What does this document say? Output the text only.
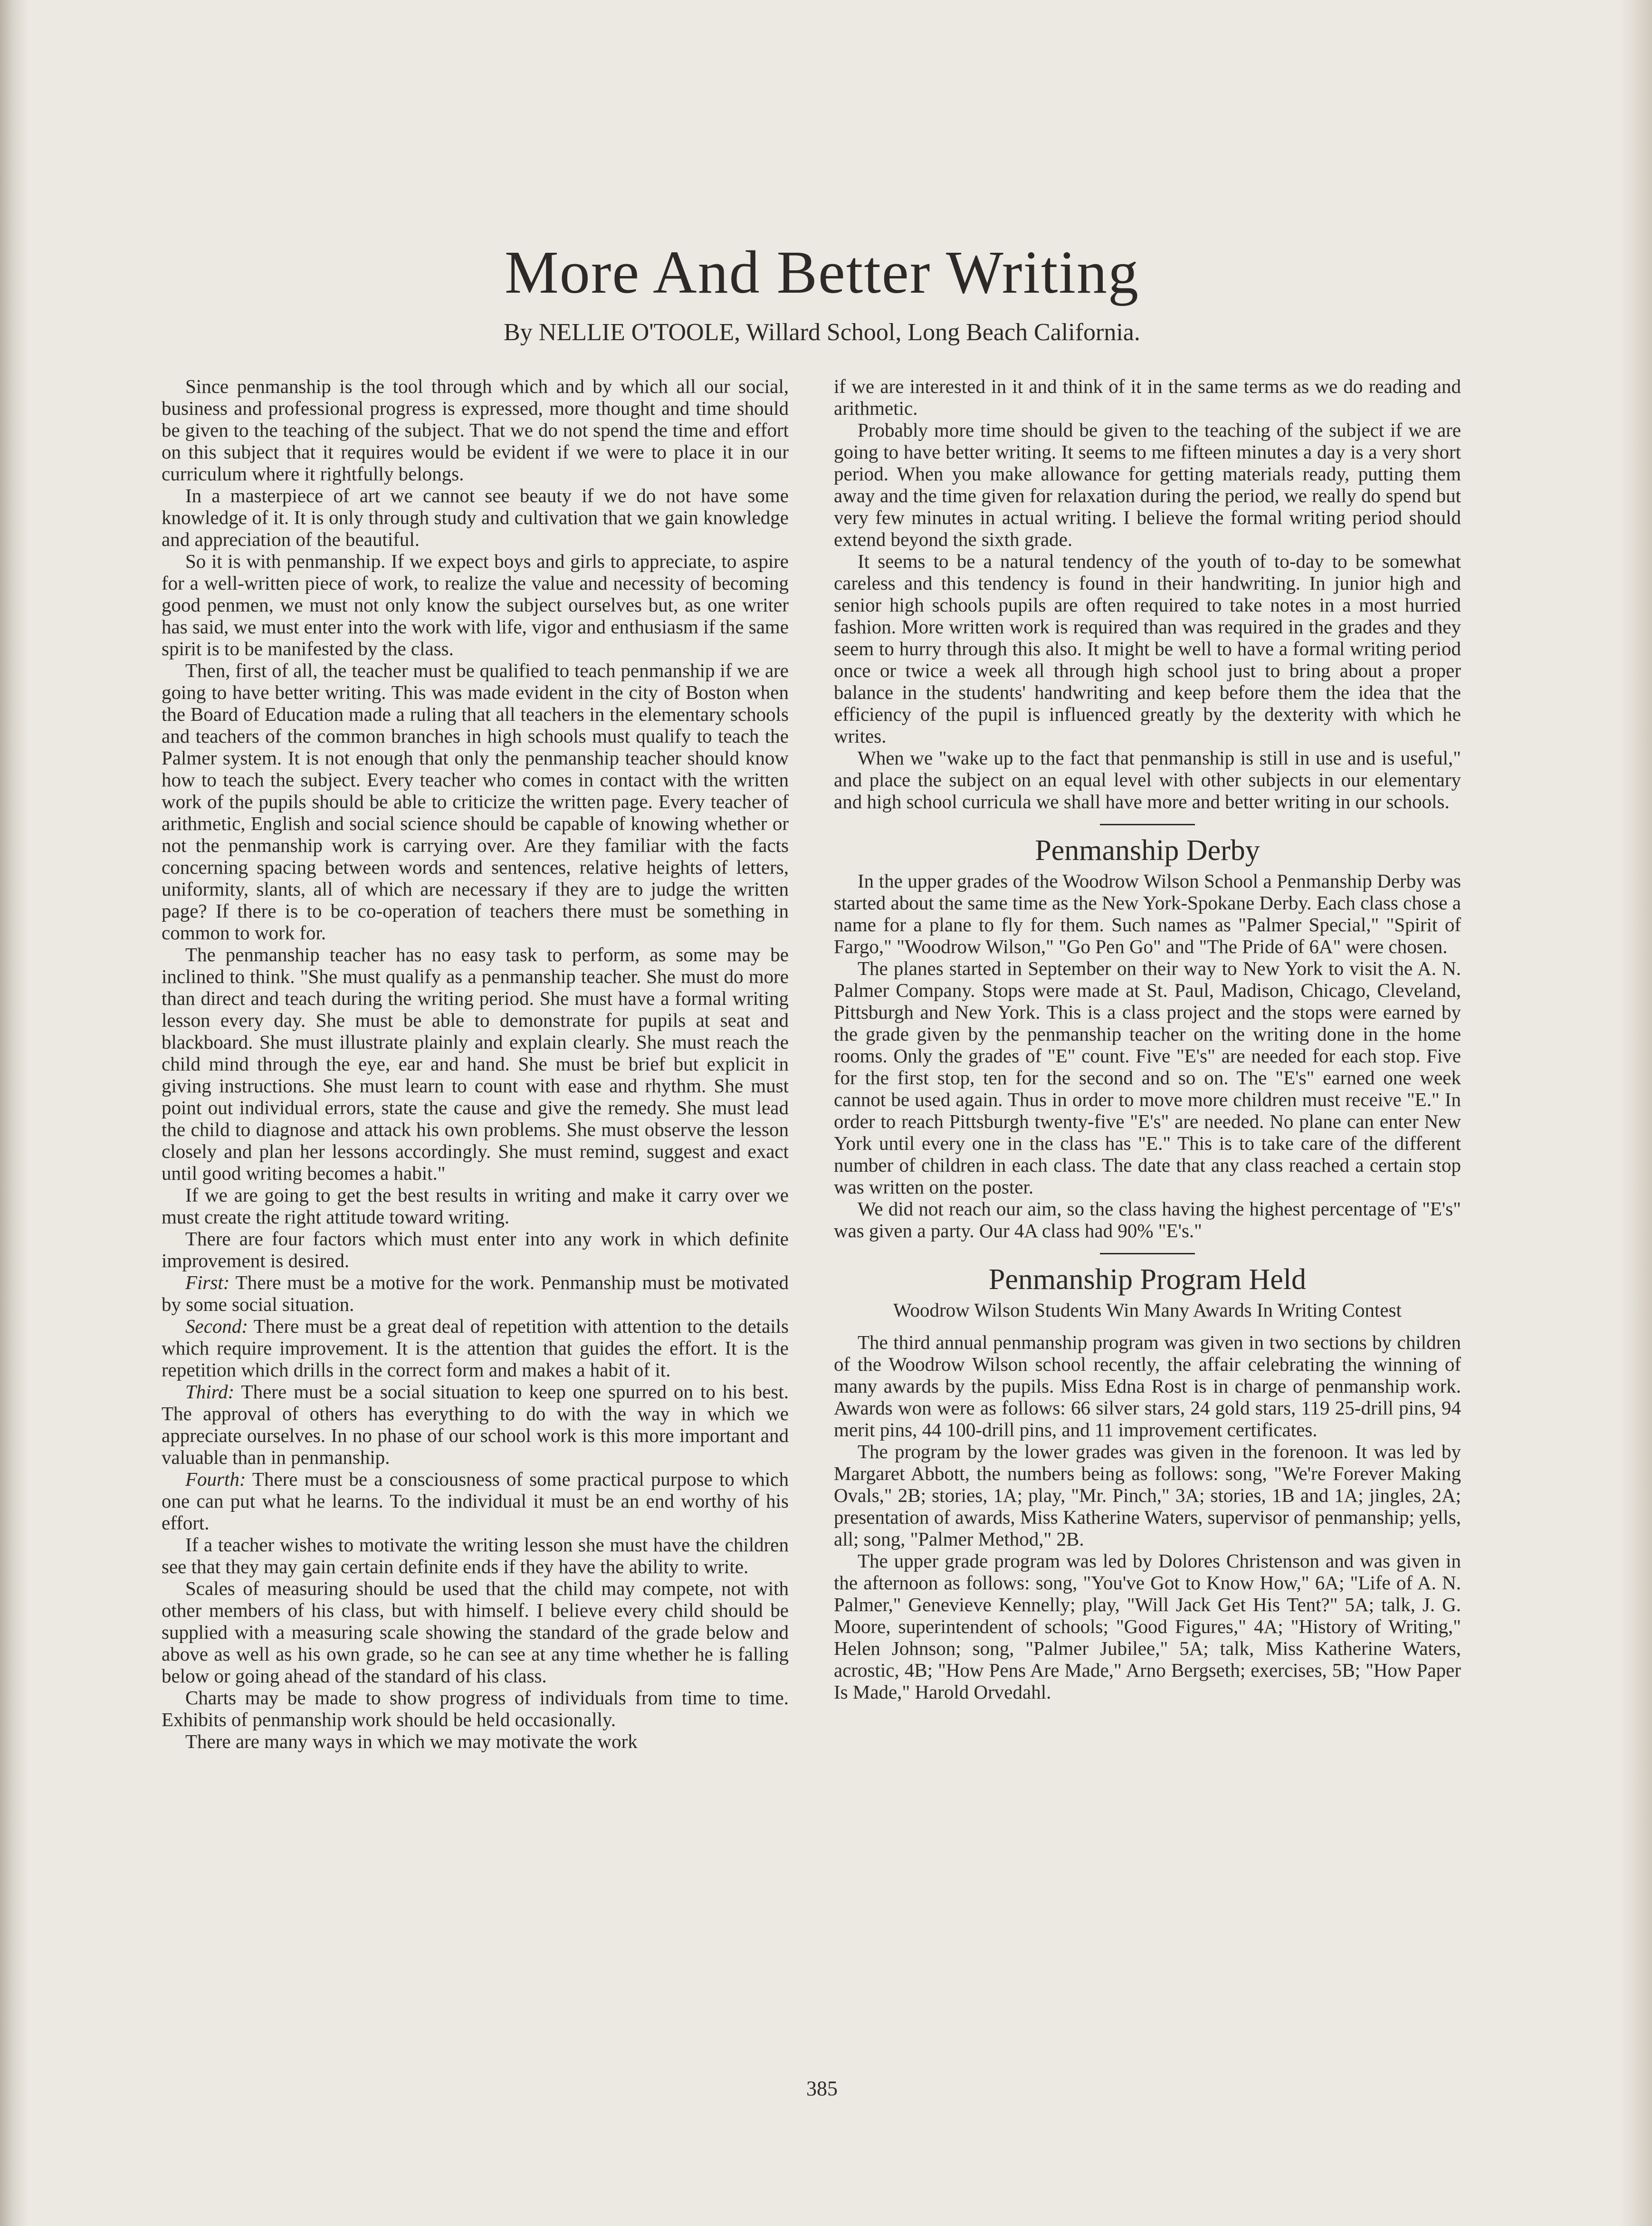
More And Better Writing
By NELLIE O'TOOLE, Willard School, Long Beach California.

Since penmanship is the tool through which and by which all our social, business and professional progress is expressed, more thought and time should be given to the teaching of the subject. That we do not spend the time and effort on this subject that it requires would be evident if we were to place it in our curriculum where it rightfully belongs.

In a masterpiece of art we cannot see beauty if we do not have some knowledge of it. It is only through study and cultivation that we gain knowledge and appreciation of the beautiful.

So it is with penmanship. If we expect boys and girls to appreciate, to aspire for a well-written piece of work, to realize the value and necessity of becoming good penmen, we must not only know the subject ourselves but, as one writer has said, we must enter into the work with life, vigor and enthusiasm if the same spirit is to be manifested by the class.

Then, first of all, the teacher must be qualified to teach penmanship if we are going to have better writing. This was made evident in the city of Boston when the Board of Education made a ruling that all teachers in the elementary schools and teachers of the common branches in high schools must qualify to teach the Palmer system. It is not enough that only the penmanship teacher should know how to teach the subject. Every teacher who comes in contact with the written work of the pupils should be able to criticize the written page. Every teacher of arithmetic, English and social science should be capable of knowing whether or not the penmanship work is carrying over. Are they familiar with the facts concerning spacing between words and sentences, relative heights of letters, uniformity, slants, all of which are necessary if they are to judge the written page? If there is to be co-operation of teachers there must be something in common to work for.

The penmanship teacher has no easy task to perform, as some may be inclined to think. "She must qualify as a penmanship teacher. She must do more than direct and teach during the writing period. She must have a formal writing lesson every day. She must be able to demonstrate for pupils at seat and blackboard. She must illustrate plainly and explain clearly. She must reach the child mind through the eye, ear and hand. She must be brief but explicit in giving instructions. She must learn to count with ease and rhythm. She must point out individual errors, state the cause and give the remedy. She must lead the child to diagnose and attack his own problems. She must observe the lesson closely and plan her lessons accordingly. She must remind, suggest and exact until good writing becomes a habit."

If we are going to get the best results in writing and make it carry over we must create the right attitude toward writing.

There are four factors which must enter into any work in which definite improvement is desired.

First: There must be a motive for the work. Penmanship must be motivated by some social situation.

Second: There must be a great deal of repetition with attention to the details which require improvement. It is the attention that guides the effort. It is the repetition which drills in the correct form and makes a habit of it.

Third: There must be a social situation to keep one spurred on to his best. The approval of others has everything to do with the way in which we appreciate ourselves. In no phase of our school work is this more important and valuable than in penmanship.

Fourth: There must be a consciousness of some practical purpose to which one can put what he learns. To the individual it must be an end worthy of his effort.

If a teacher wishes to motivate the writing lesson she must have the children see that they may gain certain definite ends if they have the ability to write.

Scales of measuring should be used that the child may compete, not with other members of his class, but with himself. I believe every child should be supplied with a measuring scale showing the standard of the grade below and above as well as his own grade, so he can see at any time whether he is falling below or going ahead of the standard of his class.

Charts may be made to show progress of individuals from time to time. Exhibits of penmanship work should be held occasionally.

There are many ways in which we may motivate the work

if we are interested in it and think of it in the same terms as we do reading and arithmetic.

Probably more time should be given to the teaching of the subject if we are going to have better writing. It seems to me fifteen minutes a day is a very short period. When you make allowance for getting materials ready, putting them away and the time given for relaxation during the period, we really do spend but very few minutes in actual writing. I believe the formal writing period should extend beyond the sixth grade.

It seems to be a natural tendency of the youth of to-day to be somewhat careless and this tendency is found in their handwriting. In junior high and senior high schools pupils are often required to take notes in a most hurried fashion. More written work is required than was required in the grades and they seem to hurry through this also. It might be well to have a formal writing period once or twice a week all through high school just to bring about a proper balance in the students' handwriting and keep before them the idea that the efficiency of the pupil is influenced greatly by the dexterity with which he writes.

When we "wake up to the fact that penmanship is still in use and is useful," and place the subject on an equal level with other subjects in our elementary and high school curricula we shall have more and better writing in our schools.

Penmanship Derby

In the upper grades of the Woodrow Wilson School a Penmanship Derby was started about the same time as the New York-Spokane Derby. Each class chose a name for a plane to fly for them. Such names as "Palmer Special," "Spirit of Fargo," "Woodrow Wilson," "Go Pen Go" and "The Pride of 6A" were chosen.

The planes started in September on their way to New York to visit the A. N. Palmer Company. Stops were made at St. Paul, Madison, Chicago, Cleveland, Pittsburgh and New York. This is a class project and the stops were earned by the grade given by the penmanship teacher on the writing done in the home rooms. Only the grades of "E" count. Five "E's" are needed for each stop. Five for the first stop, ten for the second and so on. The "E's" earned one week cannot be used again. Thus in order to move more children must receive "E." In order to reach Pittsburgh twenty-five "E's" are needed. No plane can enter New York until every one in the class has "E." This is to take care of the different number of children in each class. The date that any class reached a certain stop was written on the poster.

We did not reach our aim, so the class having the highest percentage of "E's" was given a party. Our 4A class had 90% "E's."

Penmanship Program Held
Woodrow Wilson Students Win Many Awards In Writing Contest

The third annual penmanship program was given in two sections by children of the Woodrow Wilson school recently, the affair celebrating the winning of many awards by the pupils. Miss Edna Rost is in charge of penmanship work. Awards won were as follows: 66 silver stars, 24 gold stars, 119 25-drill pins, 94 merit pins, 44 100-drill pins, and 11 improvement certificates.

The program by the lower grades was given in the forenoon. It was led by Margaret Abbott, the numbers being as follows: song, "We're Forever Making Ovals," 2B; stories, 1A; play, "Mr. Pinch," 3A; stories, 1B and 1A; jingles, 2A; presentation of awards, Miss Katherine Waters, supervisor of penmanship; yells, all; song, "Palmer Method," 2B.

The upper grade program was led by Dolores Christenson and was given in the afternoon as follows: song, "You've Got to Know How," 6A; "Life of A. N. Palmer," Genevieve Kennelly; play, "Will Jack Get His Tent?" 5A; talk, J. G. Moore, superintendent of schools; "Good Figures," 4A; "History of Writing," Helen Johnson; song, "Palmer Jubilee," 5A; talk, Miss Katherine Waters, acrostic, 4B; "How Pens Are Made," Arno Bergseth; exercises, 5B; "How Paper Is Made," Harold Orvedahl.

385
